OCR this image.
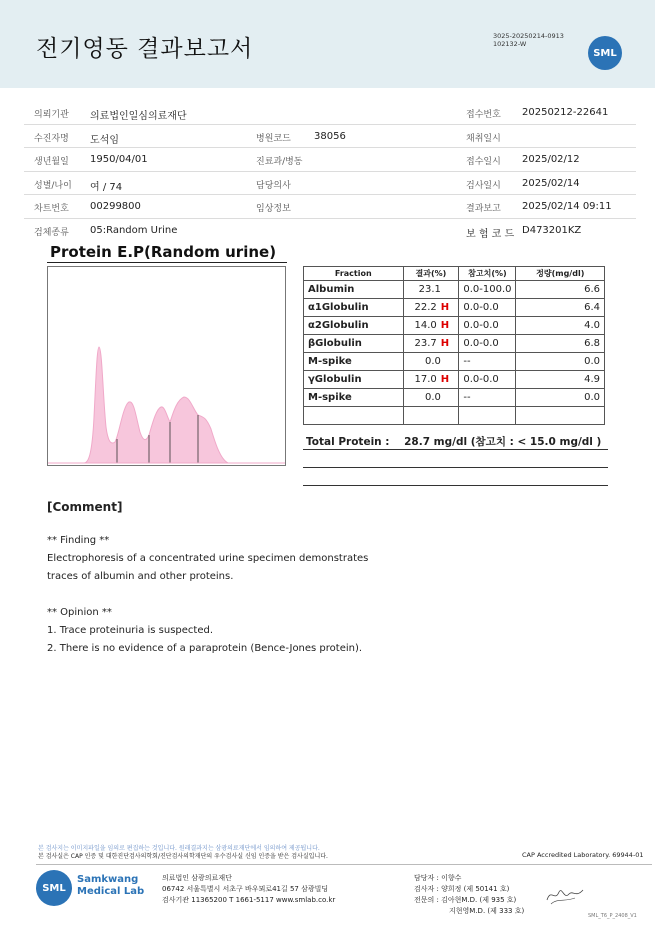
전기영동 결과보고서	3025-20250214-0913
102132-W
SML
의뢰기관 의료법인일심의료재단	접수번호 20250212-22641
수진자명 도석임	병원코드 38056	채취일시
생년월일 1950/04/01	진료과/병동	접수일시 2025/02/12
성별/나이 여 / 74	담당의사	검사일시 2025/02/14
차트번호 00299800	임상정보	결과보고 2025/02/14 09:11
검체종류 05:Random Urine	보 험 코 드 D473201KZ
Protein E.P(Random urine)
Fraction	결과(%)	참고치(%)	정량(mg/dl)
Albumin	23.1	0.0-100.0	6.6
α1Globulin	22.2 H	0.0-0.0	6.4
α2Globulin	14.0 H	0.0-0.0	4.0
βGlobulin	23.7 H	0.0-0.0	6.8
M-spike	0.0	--	0.0
γGlobulin	17.0 H	0.0-0.0	4.9
M-spike	0.0	--	0.0

Total Protein :    28.7 mg/dl (참고치 : < 15.0 mg/dl )
[Comment]
** Finding **
Electrophoresis of a concentrated urine specimen demonstrates
traces of albumin and other proteins.
** Opinion **
1. Trace proteinuria is suspected.
2. There is no evidence of a paraprotein (Bence-Jones protein).
본 검사지는 이미지파일을 임의로 편집하는 것입니다. 원래결과지는 삼광의료재단에서 임의하여 제공됩니다.
본 검사실은 CAP 인증 및 대한진단검사의학회/진단검사의학재단의 우수검사실 신임 인증을 받은 검사실입니다.	CAP Accredited Laboratory. 69944-01
SML
Samkwang
Medical Lab
의료법인 삼광의료재단
06742 서울특별시 서초구 바우뫼로41길 57 삼광빌딩
검사기관 11365200 T 1661-5117 www.smlab.co.kr
담당자 : 이향수
검사자 : 양희정 (제 50141 호)
전문의 : 김아현M.D. (제 935 호)
지현영M.D. (제 333 호)
SML_T6_P_2408_V1
